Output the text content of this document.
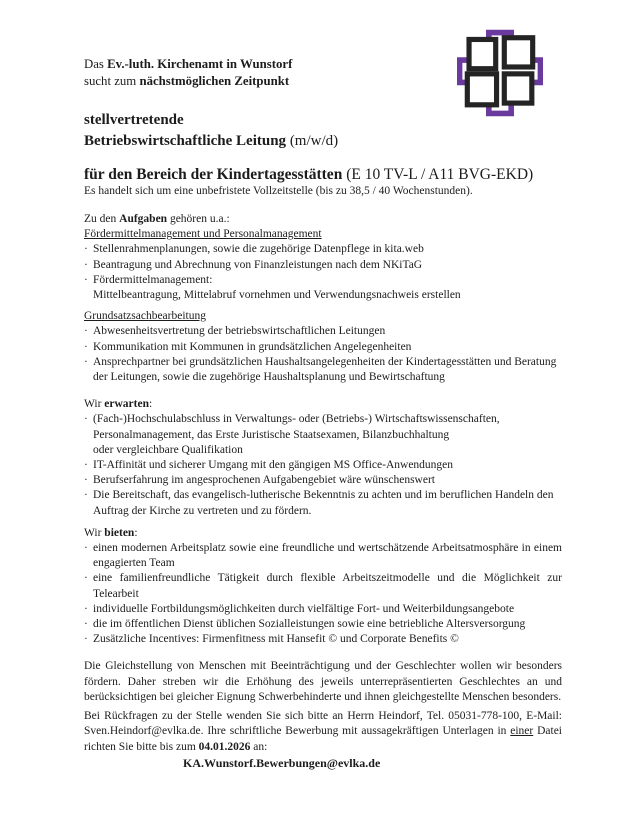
Das Ev.-luth. Kirchenamt in Wunstorf
sucht zum nächstmöglichen Zeitpunkt
stellvertretende
Betriebswirtschaftliche Leitung (m/w/d)
für den Bereich der Kindertagesstätten (E 10 TV-L / A11 BVG-EKD)
Es handelt sich um eine unbefristete Vollzeitstelle (bis zu 38,5 / 40 Wochenstunden).
Zu den Aufgaben gehören u.a.:
Fördermittelmanagement und Personalmanagement
· Stellenrahmenplanungen, sowie die zugehörige Datenpflege in kita.web
· Beantragung und Abrechnung von Finanzleistungen nach dem NKiTaG
· Fördermittelmanagement:
Mittelbeantragung, Mittelabruf vornehmen und Verwendungsnachweis erstellen
Grundsatzsachbearbeitung
· Abwesenheitsvertretung der betriebswirtschaftlichen Leitungen
· Kommunikation mit Kommunen in grundsätzlichen Angelegenheiten
· Ansprechpartner bei grundsätzlichen Haushaltsangelegenheiten der Kindertagesstätten und Beratung der Leitungen, sowie die zugehörige Haushaltsplanung und Bewirtschaftung
Wir erwarten:
· (Fach-)Hochschulabschluss in Verwaltungs- oder (Betriebs-) Wirtschaftswissenschaften,
Personalmanagement, das Erste Juristische Staatsexamen, Bilanzbuchhaltung
oder vergleichbare Qualifikation
· IT-Affinität und sicherer Umgang mit den gängigen MS Office-Anwendungen
· Berufserfahrung im angesprochenen Aufgabengebiet wäre wünschenswert
· Die Bereitschaft, das evangelisch-lutherische Bekenntnis zu achten und im beruflichen Handeln den Auftrag der Kirche zu vertreten und zu fördern.
Wir bieten:
· einen modernen Arbeitsplatz sowie eine freundliche und wertschätzende Arbeitsatmosphäre in einem engagierten Team
· eine familienfreundliche Tätigkeit durch flexible Arbeitszeitmodelle und die Möglichkeit zur Telearbeit
· individuelle Fortbildungsmöglichkeiten durch vielfältige Fort- und Weiterbildungsangebote
· die im öffentlichen Dienst üblichen Sozialleistungen sowie eine betriebliche Altersversorgung
· Zusätzliche Incentives: Firmenfitness mit Hansefit © und Corporate Benefits ©

Die Gleichstellung von Menschen mit Beeinträchtigung und der Geschlechter wollen wir besonders fördern. Daher streben wir die Erhöhung des jeweils unterrepräsentierten Geschlechtes an und berücksichtigen bei gleicher Eignung Schwerbehinderte und ihnen gleichgestellte Menschen besonders.

Bei Rückfragen zu der Stelle wenden Sie sich bitte an Herrn Heindorf, Tel. 05031-778-100, E-Mail: Sven.Heindorf@evlka.de. Ihre schriftliche Bewerbung mit aussagekräftigen Unterlagen in einer Datei richten Sie bitte bis zum 04.01.2026 an:

KA.Wunstorf.Bewerbungen@evlka.de
